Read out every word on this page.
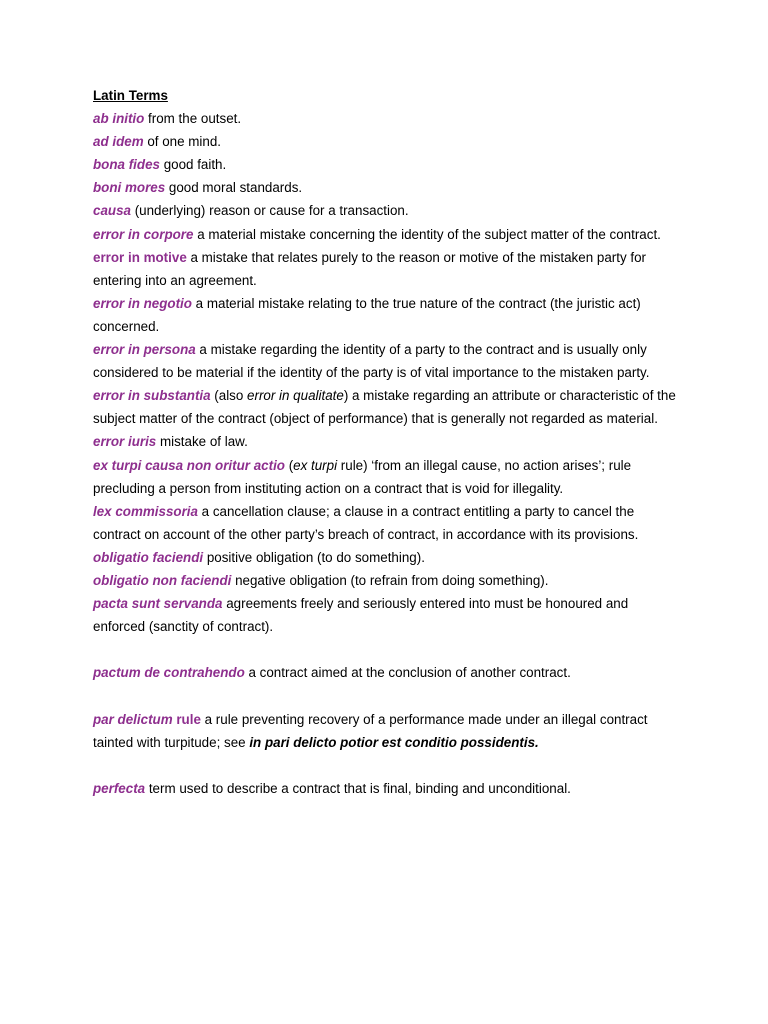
Latin Terms

ab initio from the outset.

ad idem of one mind.

bona fides good faith.

boni mores good moral standards.

causa (underlying) reason or cause for a transaction.

error in corpore a material mistake concerning the identity of the subject matter of the contract.

error in motive a mistake that relates purely to the reason or motive of the mistaken party for entering into an agreement.

error in negotio a material mistake relating to the true nature of the contract (the juristic act) concerned.

error in persona a mistake regarding the identity of a party to the contract and is usually only considered to be material if the identity of the party is of vital importance to the mistaken party.

error in substantia (also error in qualitate) a mistake regarding an attribute or characteristic of the subject matter of the contract (object of performance) that is generally not regarded as material.

error iuris mistake of law.

ex turpi causa non oritur actio (ex turpi rule) ‘from an illegal cause, no action arises’; rule precluding a person from instituting action on a contract that is void for illegality.

lex commissoria a cancellation clause; a clause in a contract entitling a party to cancel the contract on account of the other party’s breach of contract, in accordance with its provisions.

obligatio faciendi positive obligation (to do something).

obligatio non faciendi negative obligation (to refrain from doing something).

pacta sunt servanda agreements freely and seriously entered into must be honoured and enforced (sanctity of contract).

pactum de contrahendo a contract aimed at the conclusion of another contract.

par delictum rule a rule preventing recovery of a performance made under an illegal contract tainted with turpitude; see in pari delicto potior est conditio possidentis.

perfecta term used to describe a contract that is final, binding and unconditional.
